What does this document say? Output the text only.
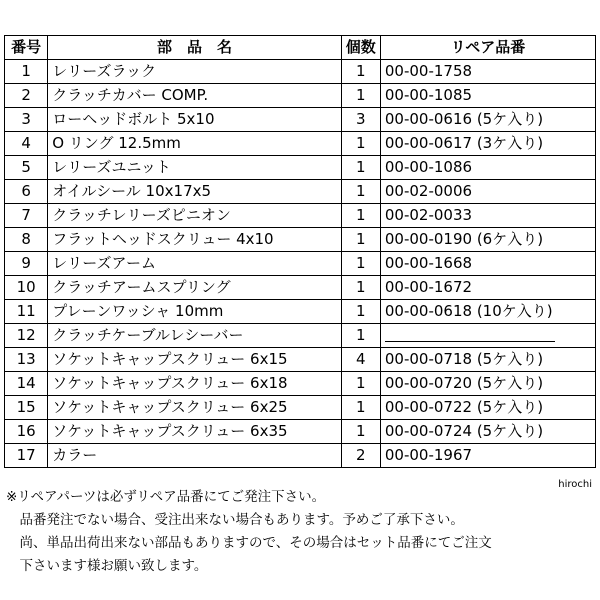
番号	部　品　名	個数	リペア品番
1	レリーズラック	1	00-00-1758
2	クラッチカバー COMP.	1	00-00-1085
3	ローヘッドボルト 5x10	3	00-00-0616 (5ケ入り)
4	O リング 12.5mm	1	00-00-0617 (3ケ入り)
5	レリーズユニット	1	00-00-1086
6	オイルシール 10x17x5	1	00-02-0006
7	クラッチレリーズピニオン	1	00-02-0033
8	フラットヘッドスクリュー 4x10	1	00-00-0190 (6ケ入り)
9	レリーズアーム	1	00-00-1668
10	クラッチアームスプリング	1	00-00-1672
11	プレーンワッシャ 10mm	1	00-00-0618 (10ケ入り)
12	クラッチケーブルレシーバー	1	

13	ソケットキャップスクリュー 6x15	4	00-00-0718 (5ケ入り)
14	ソケットキャップスクリュー 6x18	1	00-00-0720 (5ケ入り)
15	ソケットキャップスクリュー 6x25	1	00-00-0722 (5ケ入り)
16	ソケットキャップスクリュー 6x35	1	00-00-0724 (5ケ入り)
17	カラー	2	00-00-1967
hirochi

※リペアパーツは必ずリペア品番にてご発注下さい。

　品番発注でない場合、受注出来ない場合もあります。予めご了承下さい。

　尚、単品出荷出来ない部品もありますので、その場合はセット品番にてご注文

　下さいます様お願い致します。
